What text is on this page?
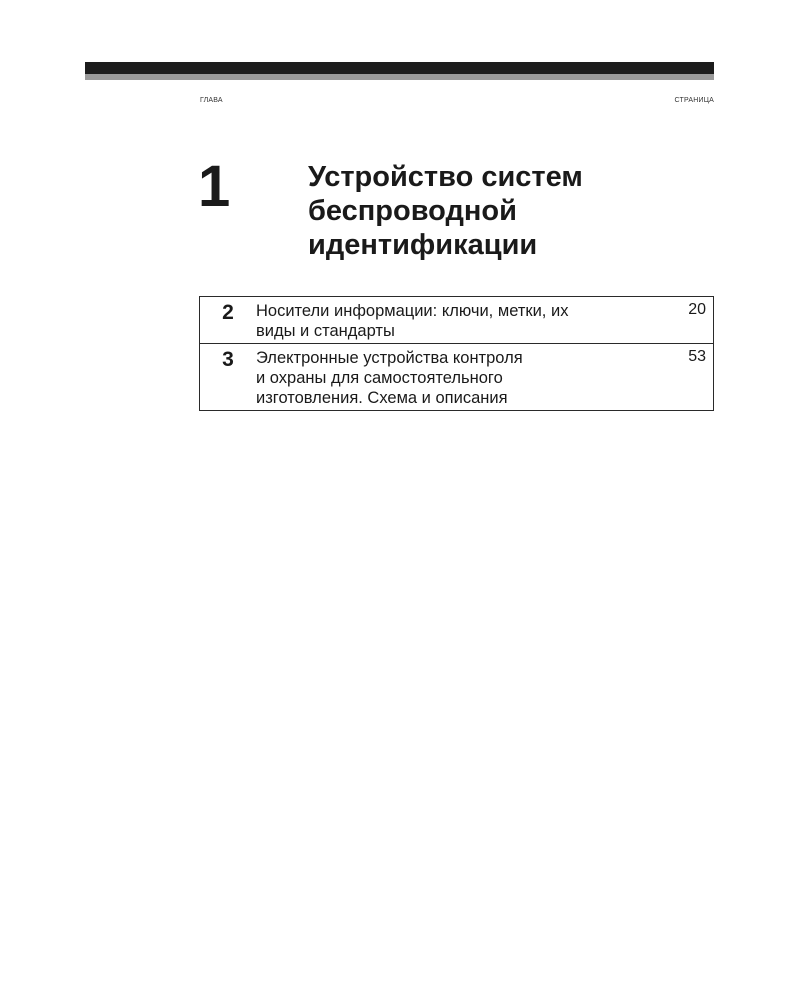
ГЛАВА	СТРАНИЦА
1	Устройство систем
беспроводной
идентификации
2	Носители информации: ключи, метки, их
виды и стандарты
20
3	Электронные устройства контроля
и охраны для самостоятельного
изготовления. Схема и описания
53
